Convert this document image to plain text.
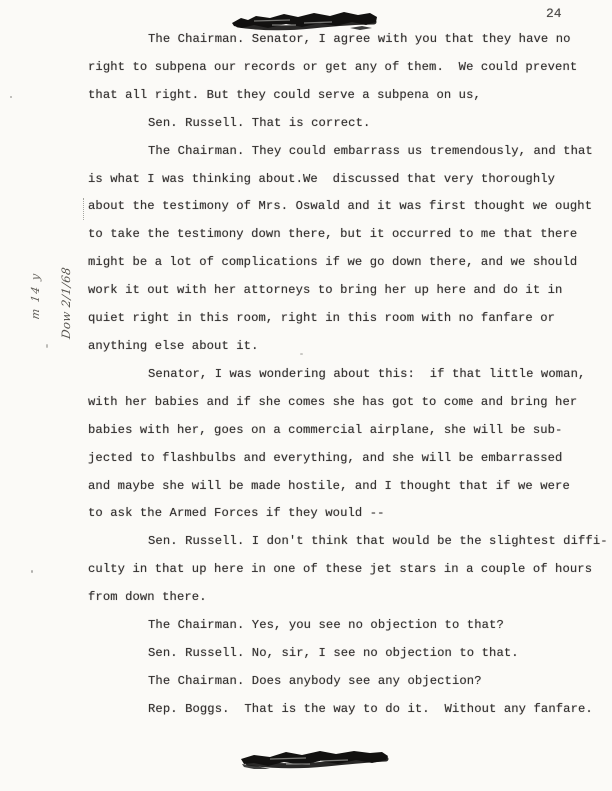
24
The Chairman. Senator, I agree with you that they have no
right to subpena our records or get any of them.  We could prevent
that all right. But they could serve a subpena on us,
Sen. Russell. That is correct.
The Chairman. They could embarrass us tremendously, and that
is what I was thinking about.We  discussed that very thoroughly
about the testimony of Mrs. Oswald and it was first thought we ought
to take the testimony down there, but it occurred to me that there
might be a lot of complications if we go down there, and we should
work it out with her attorneys to bring her up here and do it in
quiet right in this room, right in this room with no fanfare or
anything else about it.
Senator, I was wondering about this:  if that little woman,
with her babies and if she comes she has got to come and bring her
babies with her, goes on a commercial airplane, she will be sub-
jected to flashbulbs and everything, and she will be embarrassed
and maybe she will be made hostile, and I thought that if we were
to ask the Armed Forces if they would --
Sen. Russell. I don't think that would be the slightest diffi-
culty in that up here in one of these jet stars in a couple of hours
from down there.
The Chairman. Yes, you see no objection to that?
Sen. Russell. No, sir, I see no objection to that.
The Chairman. Does anybody see any objection?
Rep. Boggs.  That is the way to do it.  Without any fanfare.
m 14 y Dow 2/1/68
